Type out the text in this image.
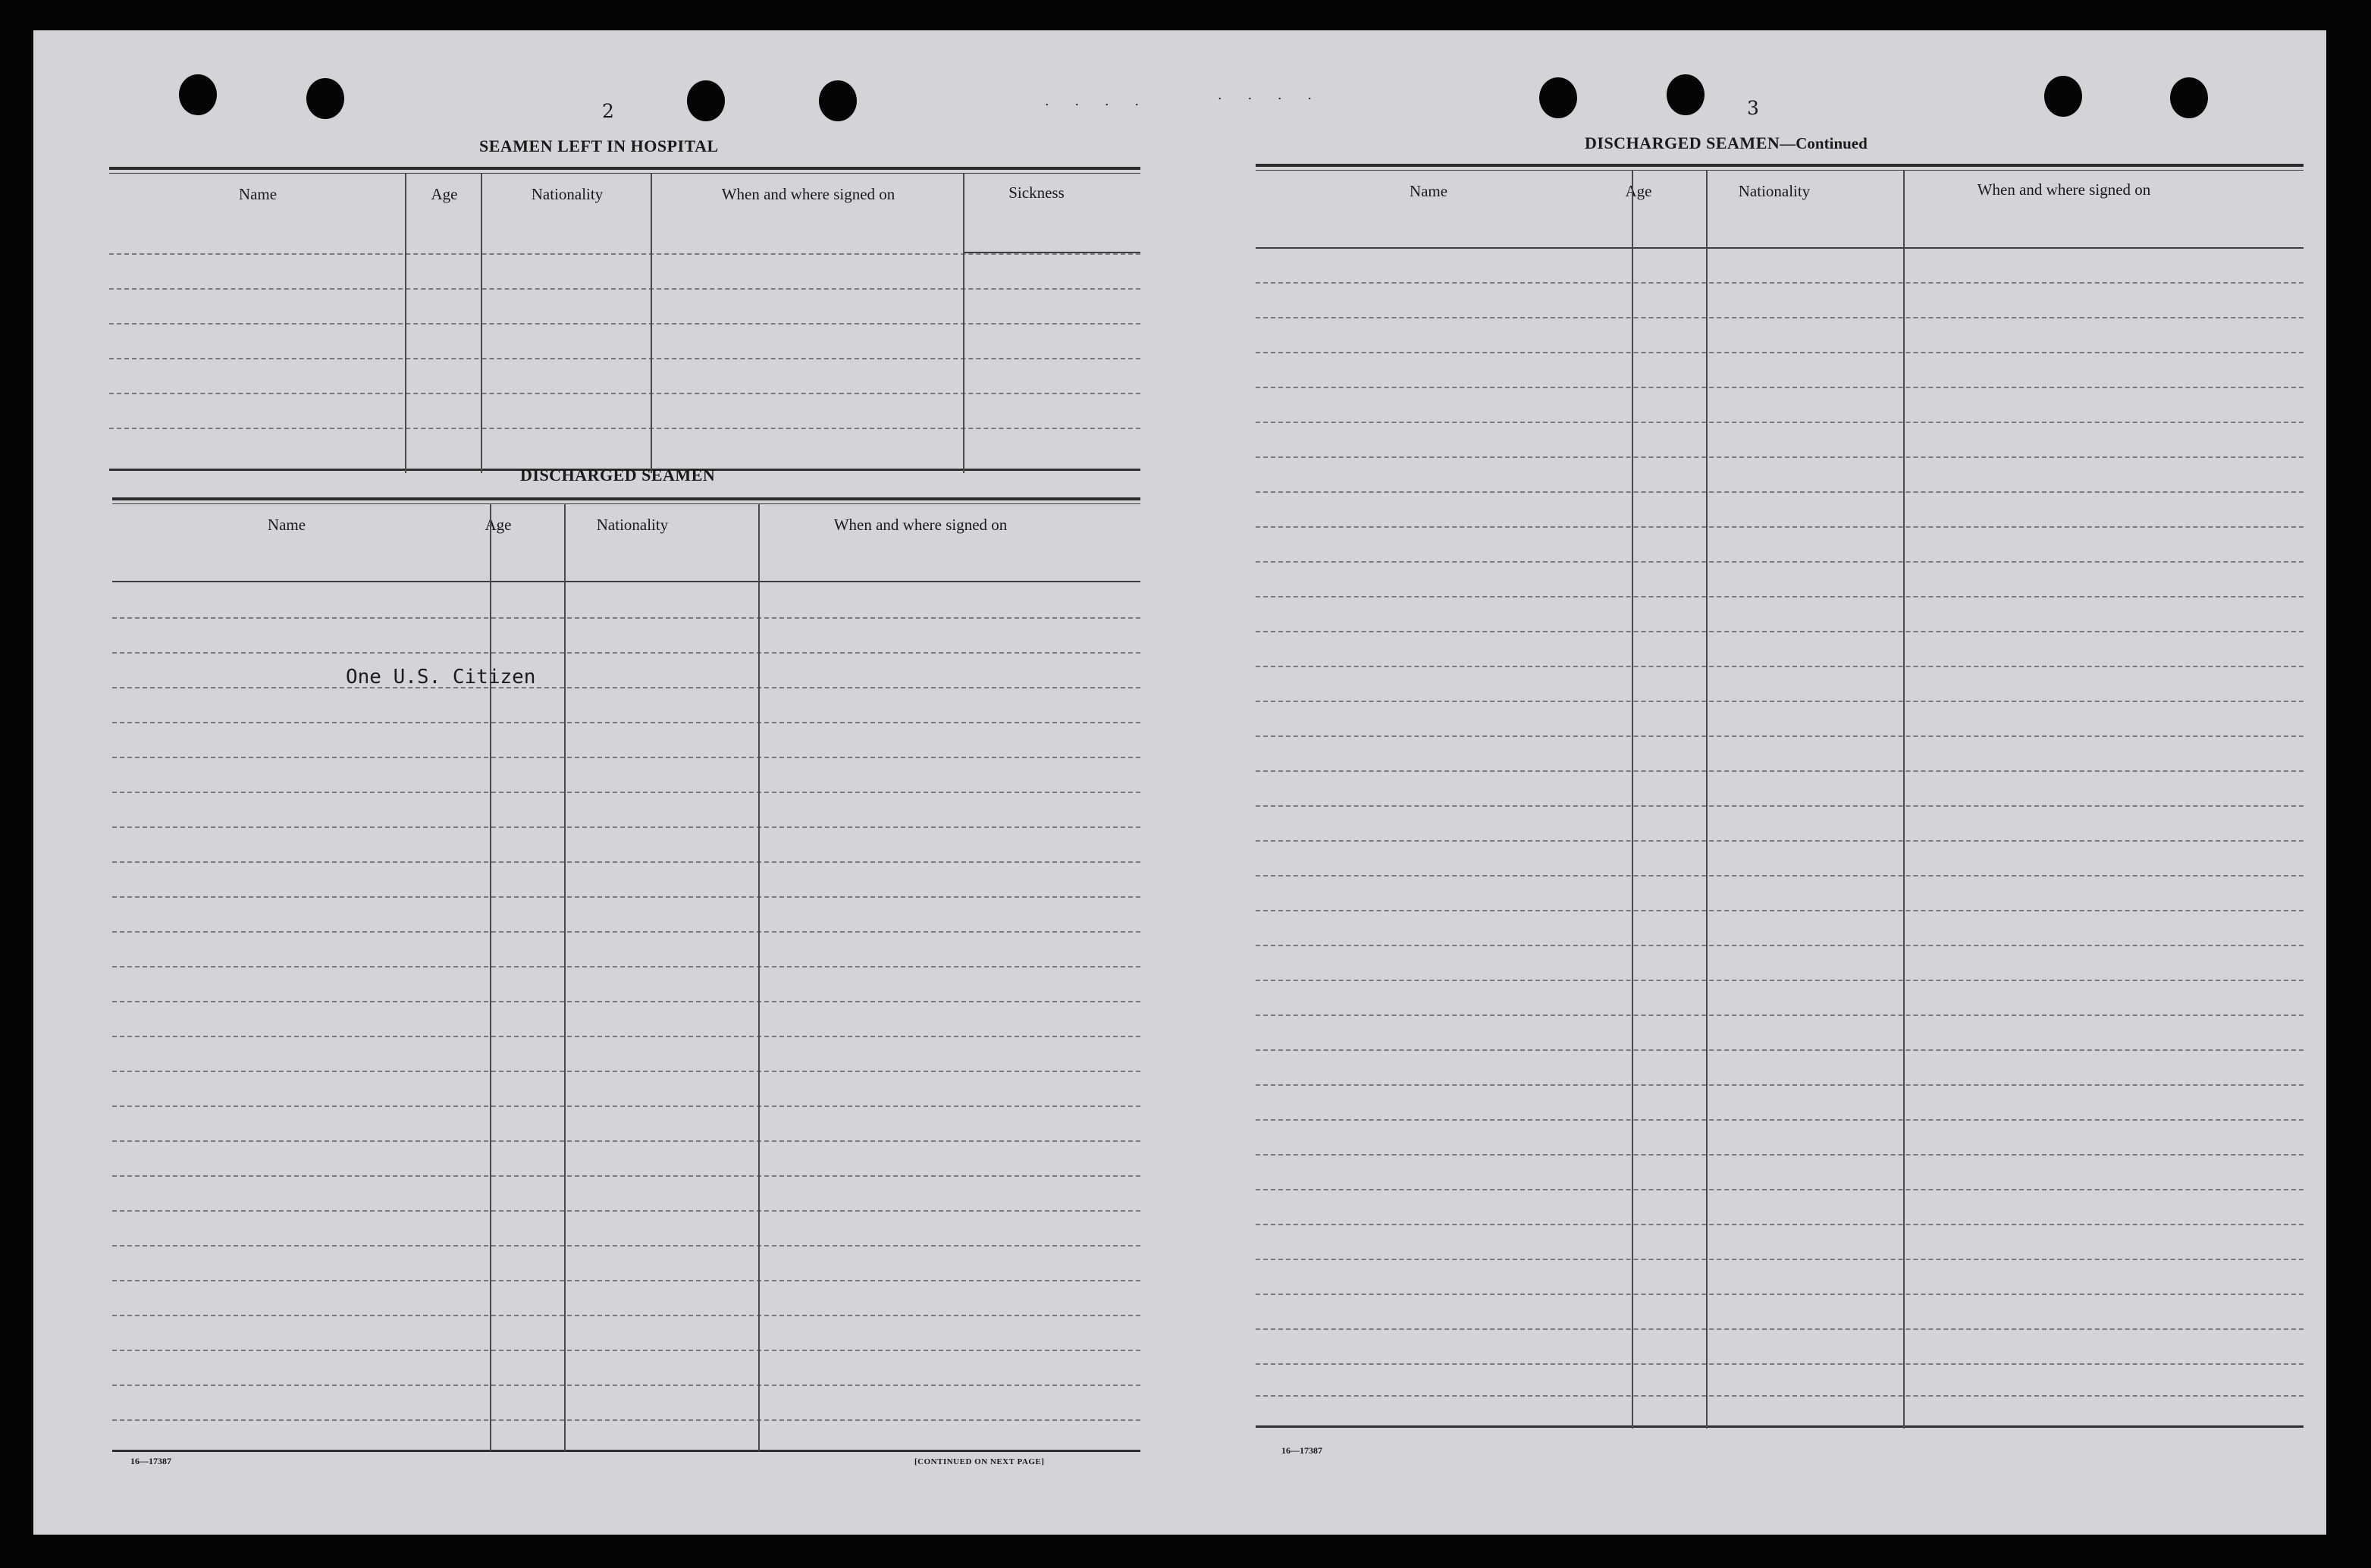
· · · ·	· · · ·
2
SEAMEN LEFT IN HOSPITAL
Name	Age	Nationality	When and where signed on	Sickness
DISCHARGED SEAMEN
Name	Age	Nationality	When and where signed on
One U.S. Citizen
16—17387	[CONTINUED ON NEXT PAGE]
3
DISCHARGED SEAMEN—Continued
Name	Age	Nationality	When and where signed on
16—17387
